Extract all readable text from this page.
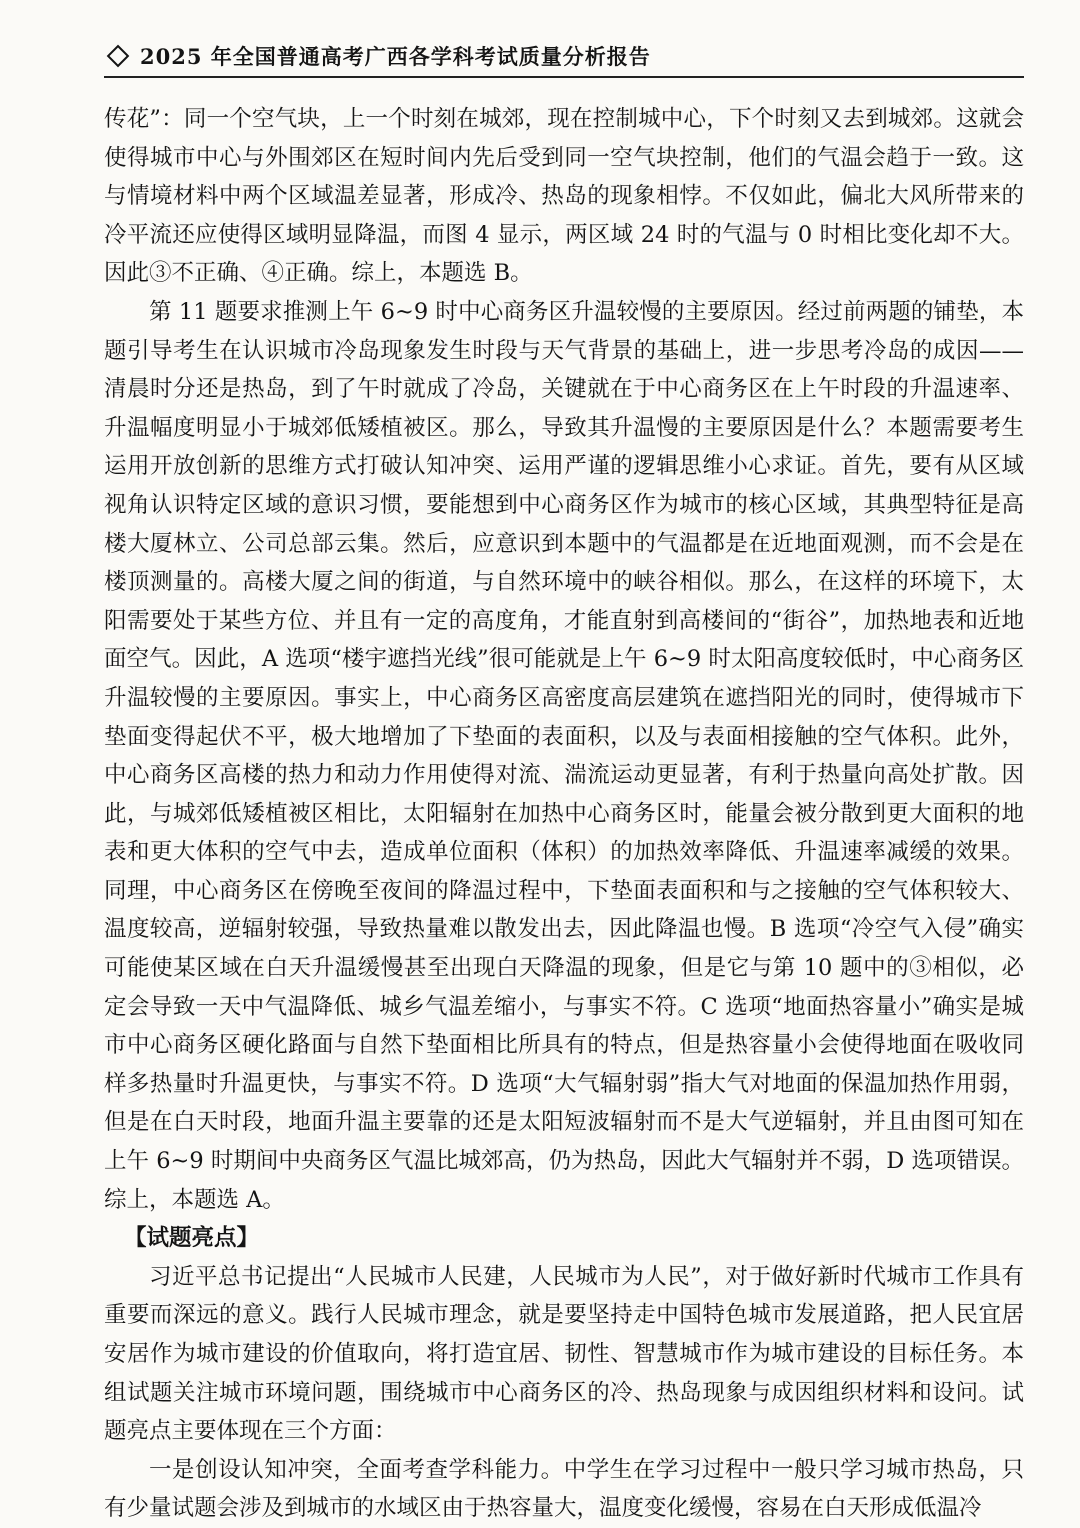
2025 年全国普通高考广西各学科考试质量分析报告

传花”：同一个空气块，上一个时刻在城郊，现在控制城中心，下个时刻又去到城郊。这就会使得城市中心与外围郊区在短时间内先后受到同一空气块控制，他们的气温会趋于一致。这与情境材料中两个区域温差显著，形成冷、热岛的现象相悖。不仅如此，偏北大风所带来的冷平流还应使得区域明显降温，而图 4 显示，两区域 24 时的气温与 0 时相比变化却不大。因此③不正确、④正确。综上，本题选 B。

第 11 题要求推测上午 6~9 时中心商务区升温较慢的主要原因。经过前两题的铺垫，本题引导考生在认识城市冷岛现象发生时段与天气背景的基础上，进一步思考冷岛的成因——清晨时分还是热岛，到了午时就成了冷岛，关键就在于中心商务区在上午时段的升温速率、升温幅度明显小于城郊低矮植被区。那么，导致其升温慢的主要原因是什么？本题需要考生运用开放创新的思维方式打破认知冲突、运用严谨的逻辑思维小心求证。首先，要有从区域视角认识特定区域的意识习惯，要能想到中心商务区作为城市的核心区域，其典型特征是高楼大厦林立、公司总部云集。然后，应意识到本题中的气温都是在近地面观测，而不会是在楼顶测量的。高楼大厦之间的街道，与自然环境中的峡谷相似。那么，在这样的环境下，太阳需要处于某些方位、并且有一定的高度角，才能直射到高楼间的“街谷”，加热地表和近地面空气。因此，A 选项“楼宇遮挡光线”很可能就是上午 6~9 时太阳高度较低时，中心商务区升温较慢的主要原因。事实上，中心商务区高密度高层建筑在遮挡阳光的同时，使得城市下垫面变得起伏不平，极大地增加了下垫面的表面积，以及与表面相接触的空气体积。此外，中心商务区高楼的热力和动力作用使得对流、湍流运动更显著，有利于热量向高处扩散。因此，与城郊低矮植被区相比，太阳辐射在加热中心商务区时，能量会被分散到更大面积的地表和更大体积的空气中去，造成单位面积（体积）的加热效率降低、升温速率减缓的效果。同理，中心商务区在傍晚至夜间的降温过程中，下垫面表面积和与之接触的空气体积较大、温度较高，逆辐射较强，导致热量难以散发出去，因此降温也慢。B 选项“冷空气入侵”确实可能使某区域在白天升温缓慢甚至出现白天降温的现象，但是它与第 10 题中的③相似，必定会导致一天中气温降低、城乡气温差缩小，与事实不符。C 选项“地面热容量小”确实是城市中心商务区硬化路面与自然下垫面相比所具有的特点，但是热容量小会使得地面在吸收同样多热量时升温更快，与事实不符。D 选项“大气辐射弱”指大气对地面的保温加热作用弱，但是在白天时段，地面升温主要靠的还是太阳短波辐射而不是大气逆辐射，并且由图可知在上午 6~9 时期间中央商务区气温比城郊高，仍为热岛，因此大气辐射并不弱，D 选项错误。综上，本题选 A。

【试题亮点】

习近平总书记提出“人民城市人民建，人民城市为人民”，对于做好新时代城市工作具有重要而深远的意义。践行人民城市理念，就是要坚持走中国特色城市发展道路，把人民宜居安居作为城市建设的价值取向，将打造宜居、韧性、智慧城市作为城市建设的目标任务。本组试题关注城市环境问题，围绕城市中心商务区的冷、热岛现象与成因组织材料和设问。试题亮点主要体现在三个方面：

一是创设认知冲突，全面考查学科能力。中学生在学习过程中一般只学习城市热岛，只有少量试题会涉及到城市的水域区由于热容量大，温度变化缓慢，容易在白天形成低温冷
